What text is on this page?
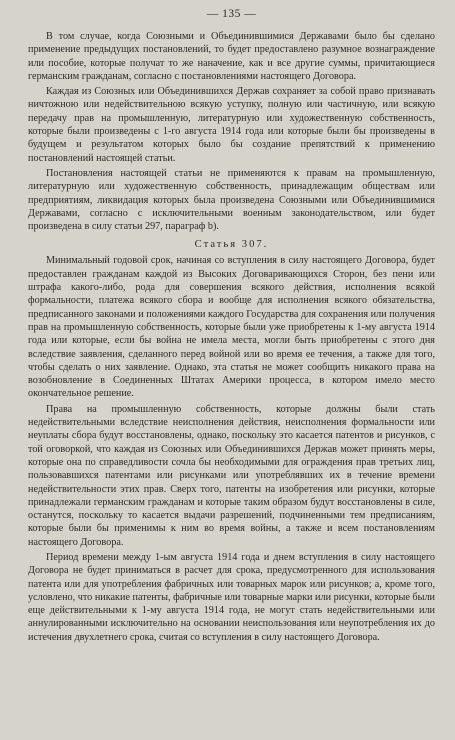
— 135 —

В том случае, когда Союзными и Объединившимися Державами было бы сделано применение предыдущих постановлений, то будет предоставлено разумное вознаграждение или пособие, которые получат то же наначение, как и все другие суммы, причитающиеся германским гражданам, согласно с постановлениями настоящего Договора.

Каждая из Союзных или Объединившихся Держав сохраняет за собой право признавать ничтожною или недействительною всякую уступку, полную или частичную, или всякую передачу прав на промышленную, литературную или художественную собственность, которые были произведены с 1-го августа 1914 года или которые были бы произведены в будущем и результатом которых было бы создание препятствий к применению постановлений настоящей статьи.

Постановления настоящей статьи не применяются к правам на промышленную, литературную или художественную собственность, принадлежащим обществам или предприятиям, ликвидация которых была произведена Союзными или Объединившимися Державами, согласно с исключительными военным законодательством, или будет произведена в силу статьи 297, параграф b).

Статья 307.

Минимальный годовой срок, начиная со вступления в силу настоящего Договора, будет предоставлен гражданам каждой из Высоких Договаривающихся Сторон, без пени или штрафа какого-либо, рода для совершения всякого действия, исполнения всякой формальности, платежа всякого сбора и вообще для исполнения всякого обязательства, предписанного законами и положениями каждого Государства для сохранения или получения прав на промышленную собственность, которые были уже приобретены к 1-му августа 1914 года или которые, если бы война не имела места, могли быть приобретены с этого дня вследствие заявления, сделанного перед войной или во время ее течения, а также для того, чтобы сделать о них заявление. Однако, эта статья не может сообщить никакого права на возобновление в Соединенных Штатах Америки процесса, в котором имело место окончательное решение.

Права на промышленную собственность, которые должны были стать недействительными вследствие неисполнения действия, неисполнения формальности или неуплаты сбора будут восстановлены, однако, поскольку это касается патентов и рисунков, с той оговоркой, что каждая из Союзных или Объединившихся Держав может принять меры, которые она по справедливости сочла бы необходимыми для ограждения прав третьих лиц, пользовавшихся патентами или рисунками или употреблявших их в течение времени недействительности этих прав. Сверх того, патенты на изобретения или рисунки, которые принадлежали германским гражданам и которые таким образом будут восстановлены в силе, останутся, поскольку то касается выдачи разрешений, подчиненными тем предписаниям, которые были бы применимы к ним во время войны, а также и всем постановлениям настоящего Договора.

Период времени между 1-ым августа 1914 года и днем вступления в силу настоящего Договора не будет приниматься в расчет для срока, предусмотренного для использования патента или для употребления фабричных или товарных марок или рисунков; а, кроме того, условлено, что никакие патенты, фабричные или товарные марки или рисунки, которые были еще действительными к 1-му августа 1914 года, не могут стать недействительными или аннулированными исключительно на основании неиспользования или неупотребления их до истечения двухлетнего срока, считая со вступления в силу настоящего Договора.
